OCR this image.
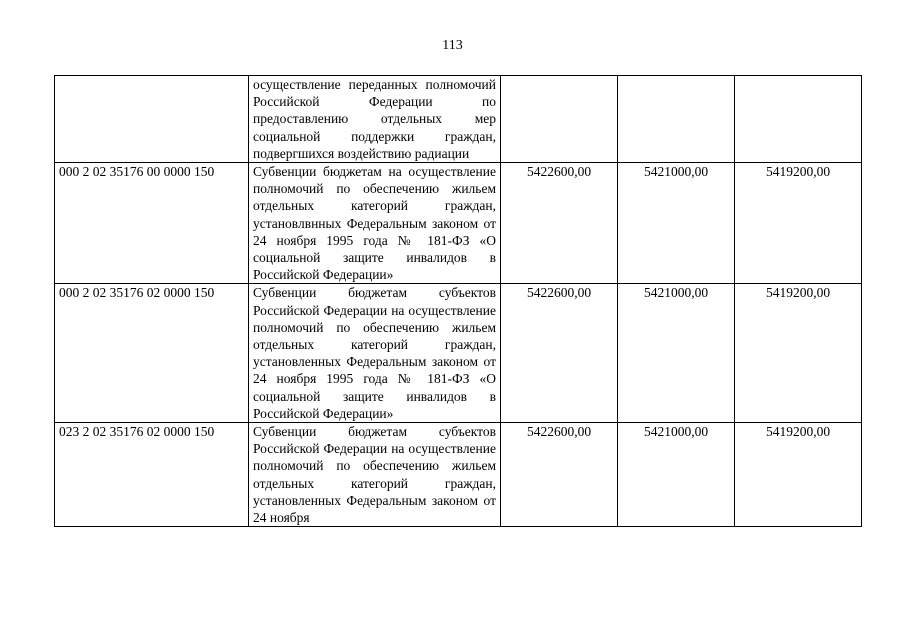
113
	осуществление переданных полномочий Российской Федерации по предоставлению отдельных мер социальной поддержки граждан, подвергшихся воздействию радиации			
000 2 02 35176 00 0000 150	Субвенции бюджетам на осуществление полномочий по обеспечению жильем отдельных категорий граждан, установлвнных Федеральным законом от 24 ноября 1995 года № 181-ФЗ «О социальной защите инвалидов в Российской Федерации»	5422600,00	5421000,00	5419200,00
000 2 02 35176 02 0000 150	Субвенции бюджетам субъектов Российской Федерации на осуществление полномочий по обеспечению жильем отдельных категорий граждан, установленных Федеральным законом от 24 ноября 1995 года № 181-ФЗ «О социальной защите инвалидов в Российской Федерации»	5422600,00	5421000,00	5419200,00
023 2 02 35176 02 0000 150	Субвенции бюджетам субъектов Российской Федерации на осуществление полномочий по обеспечению жильем отдельных категорий граждан, установленных Федеральным законом от 24 ноября	5422600,00	5421000,00	5419200,00
